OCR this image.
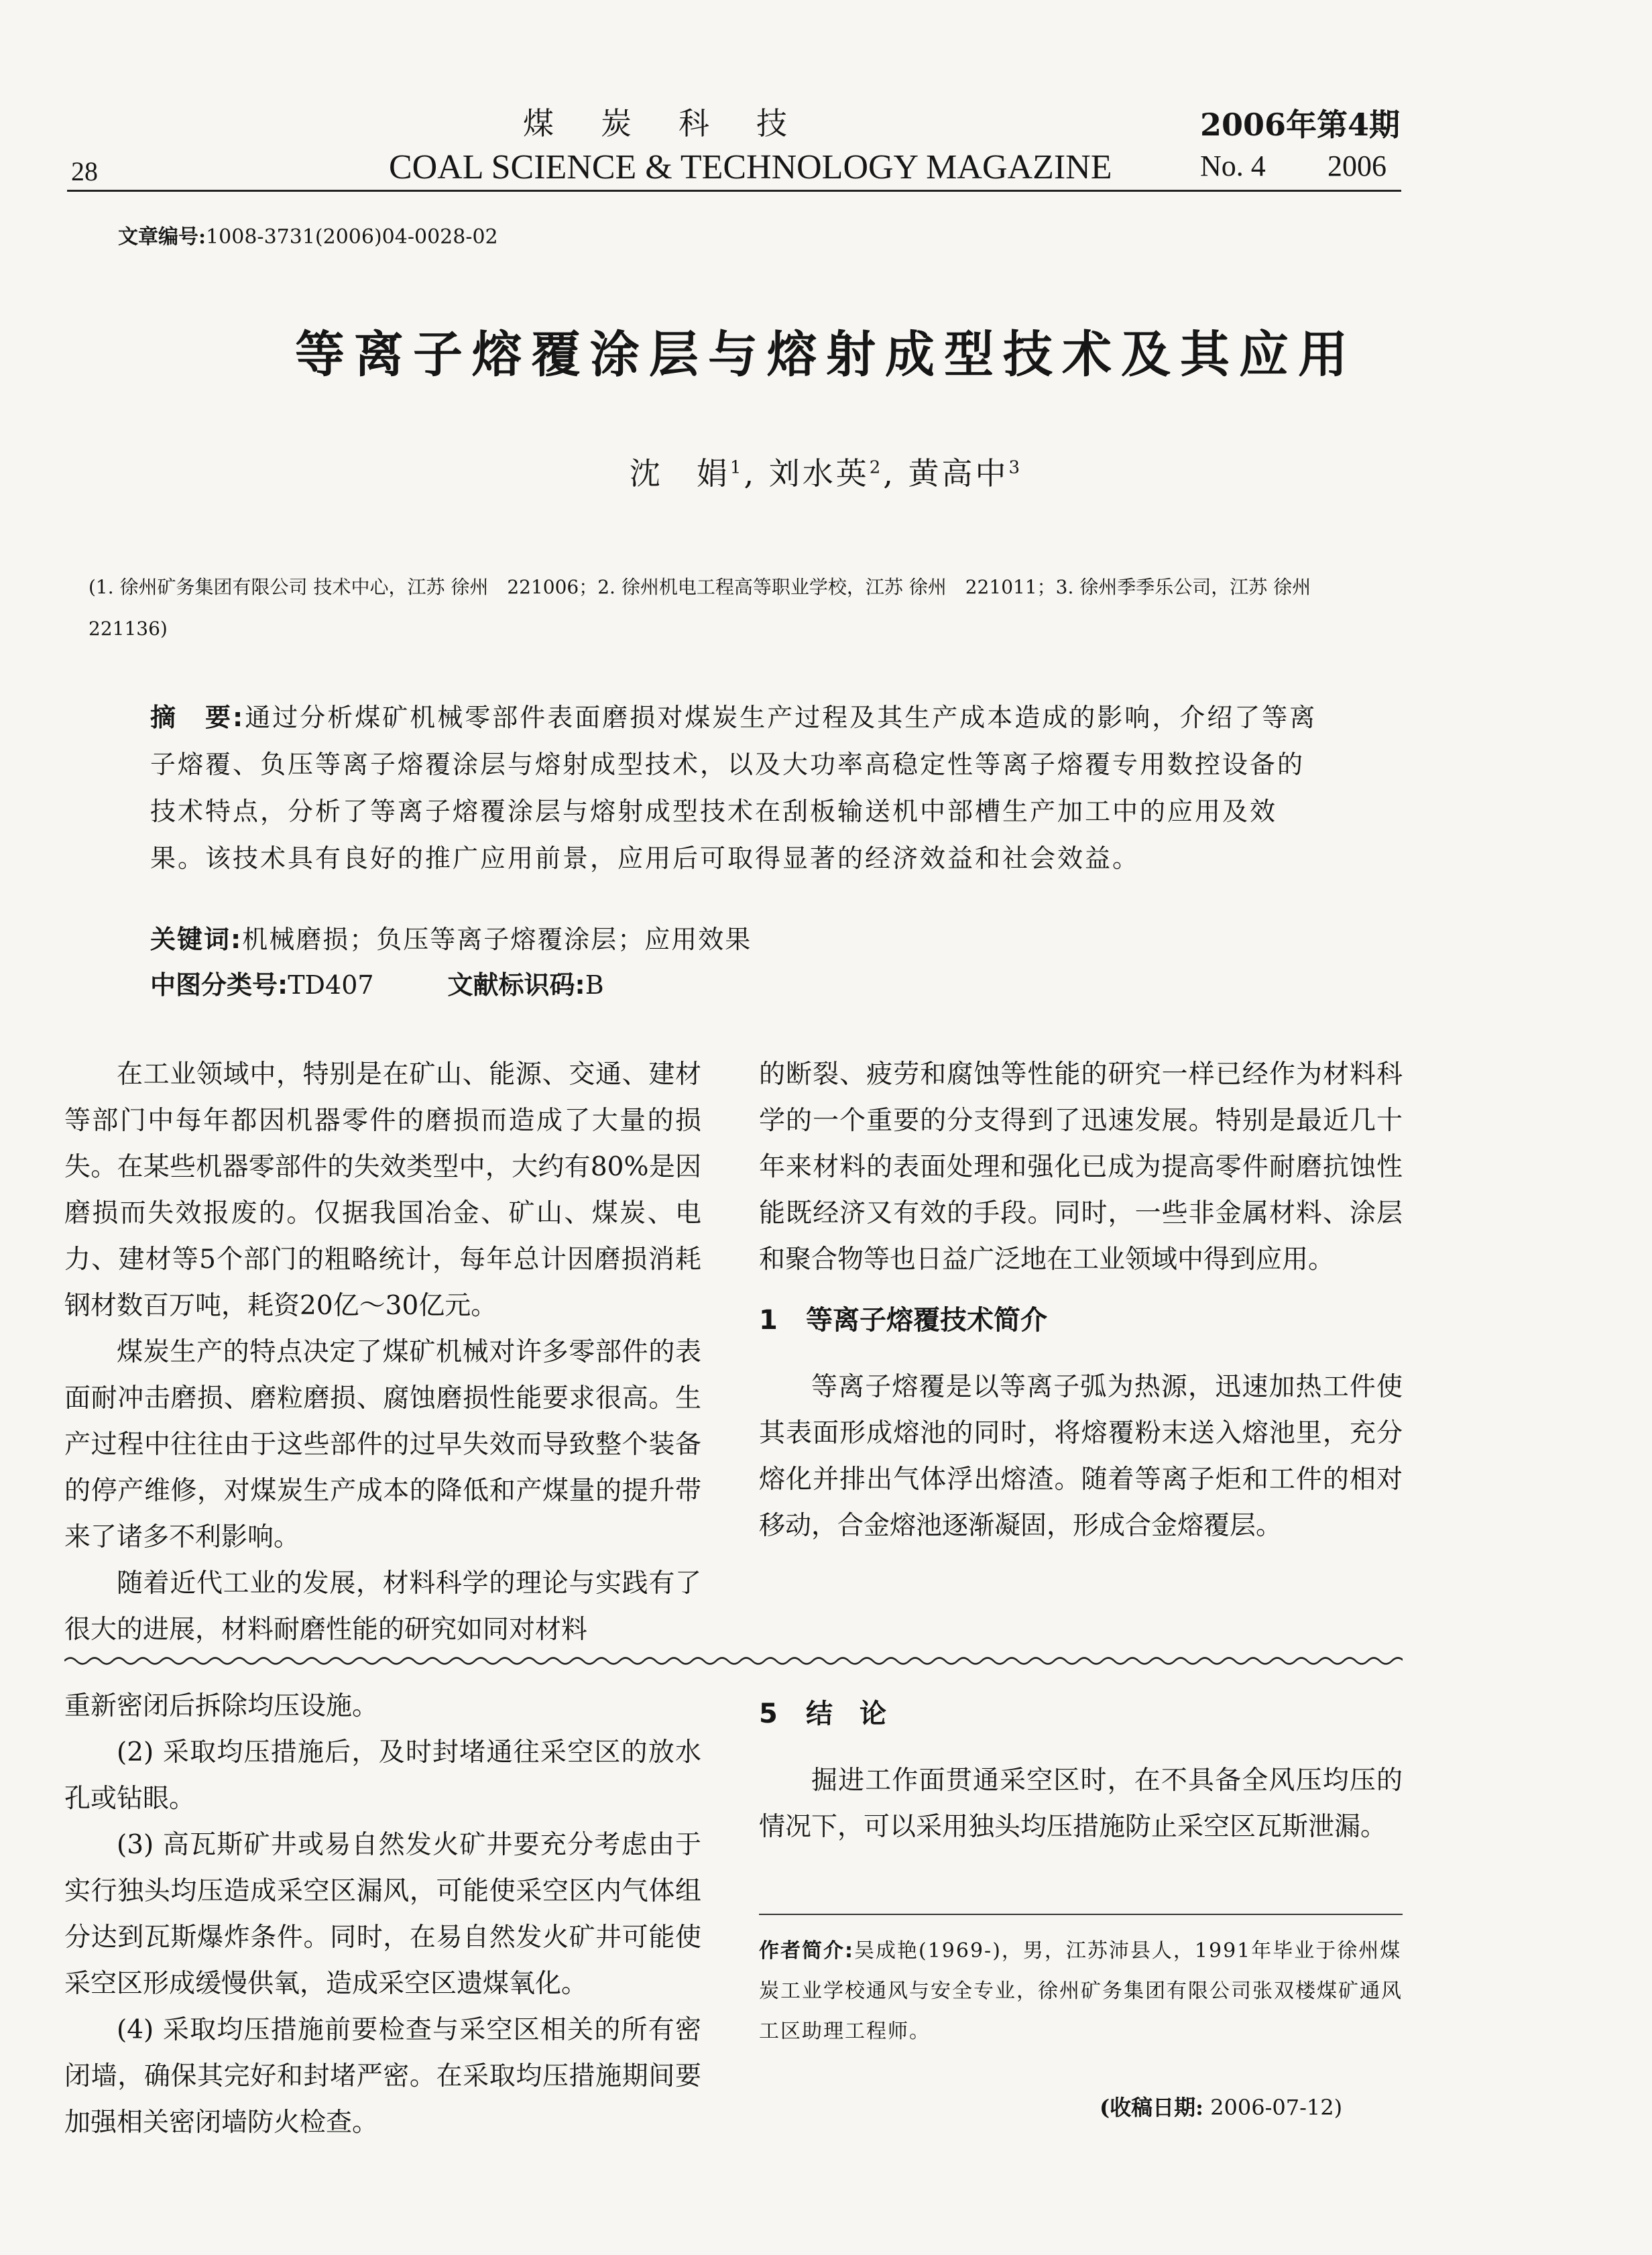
煤炭科技	2006年第4期
28	COAL SCIENCE & TECHNOLOGY MAGAZINE	No. 4 2006
文章编号:1008-3731(2006)04-0028-02
等离子熔覆涂层与熔射成型技术及其应用
沈　娟$^1$, 刘水英$^2$, 黄高中$^3$
(1. 徐州矿务集团有限公司 技术中心，江苏 徐州　221006；2. 徐州机电工程高等职业学校，江苏 徐州　221011；3. 徐州季季乐公司，江苏 徐州　221136)
摘　要:通过分析煤矿机械零部件表面磨损对煤炭生产过程及其生产成本造成的影响，介绍了等离子熔覆、负压等离子熔覆涂层与熔射成型技术，以及大功率高稳定性等离子熔覆专用数控设备的技术特点，分析了等离子熔覆涂层与熔射成型技术在刮板输送机中部槽生产加工中的应用及效果。该技术具有良好的推广应用前景，应用后可取得显著的经济效益和社会效益。
关键词:机械磨损；负压等离子熔覆涂层；应用效果
中图分类号:TD407	文献标识码:B

在工业领域中，特别是在矿山、能源、交通、建材等部门中每年都因机器零件的磨损而造成了大量的损失。在某些机器零部件的失效类型中，大约有80%是因磨损而失效报废的。仅据我国冶金、矿山、煤炭、电力、建材等5个部门的粗略统计，每年总计因磨损消耗钢材数百万吨，耗资20亿～30亿元。

煤炭生产的特点决定了煤矿机械对许多零部件的表面耐冲击磨损、磨粒磨损、腐蚀磨损性能要求很高。生产过程中往往由于这些部件的过早失效而导致整个装备的停产维修，对煤炭生产成本的降低和产煤量的提升带来了诸多不利影响。

随着近代工业的发展，材料科学的理论与实践有了很大的进展，材料耐磨性能的研究如同对材料

的断裂、疲劳和腐蚀等性能的研究一样已经作为材料科学的一个重要的分支得到了迅速发展。特别是最近几十年来材料的表面处理和强化已成为提高零件耐磨抗蚀性能既经济又有效的手段。同时，一些非金属材料、涂层和聚合物等也日益广泛地在工业领域中得到应用。

1 等离子熔覆技术简介

等离子熔覆是以等离子弧为热源，迅速加热工件使其表面形成熔池的同时，将熔覆粉末送入熔池里，充分熔化并排出气体浮出熔渣。随着等离子炬和工件的相对移动，合金熔池逐渐凝固，形成合金熔覆层。

重新密闭后拆除均压设施。

(2) 采取均压措施后，及时封堵通往采空区的放水孔或钻眼。

(3) 高瓦斯矿井或易自然发火矿井要充分考虑由于实行独头均压造成采空区漏风，可能使采空区内气体组分达到瓦斯爆炸条件。同时，在易自然发火矿井可能使采空区形成缓慢供氧，造成采空区遗煤氧化。

(4) 采取均压措施前要检查与采空区相关的所有密闭墙，确保其完好和封堵严密。在采取均压措施期间要加强相关密闭墙防火检查。

5 结　论

掘进工作面贯通采空区时，在不具备全风压均压的情况下，可以采用独头均压措施防止采空区瓦斯泄漏。

作者简介:吴成艳(1969-)，男，江苏沛县人，1991年毕业于徐州煤炭工业学校通风与安全专业，徐州矿务集团有限公司张双楼煤矿通风工区助理工程师。
(收稿日期: 2006-07-12)
